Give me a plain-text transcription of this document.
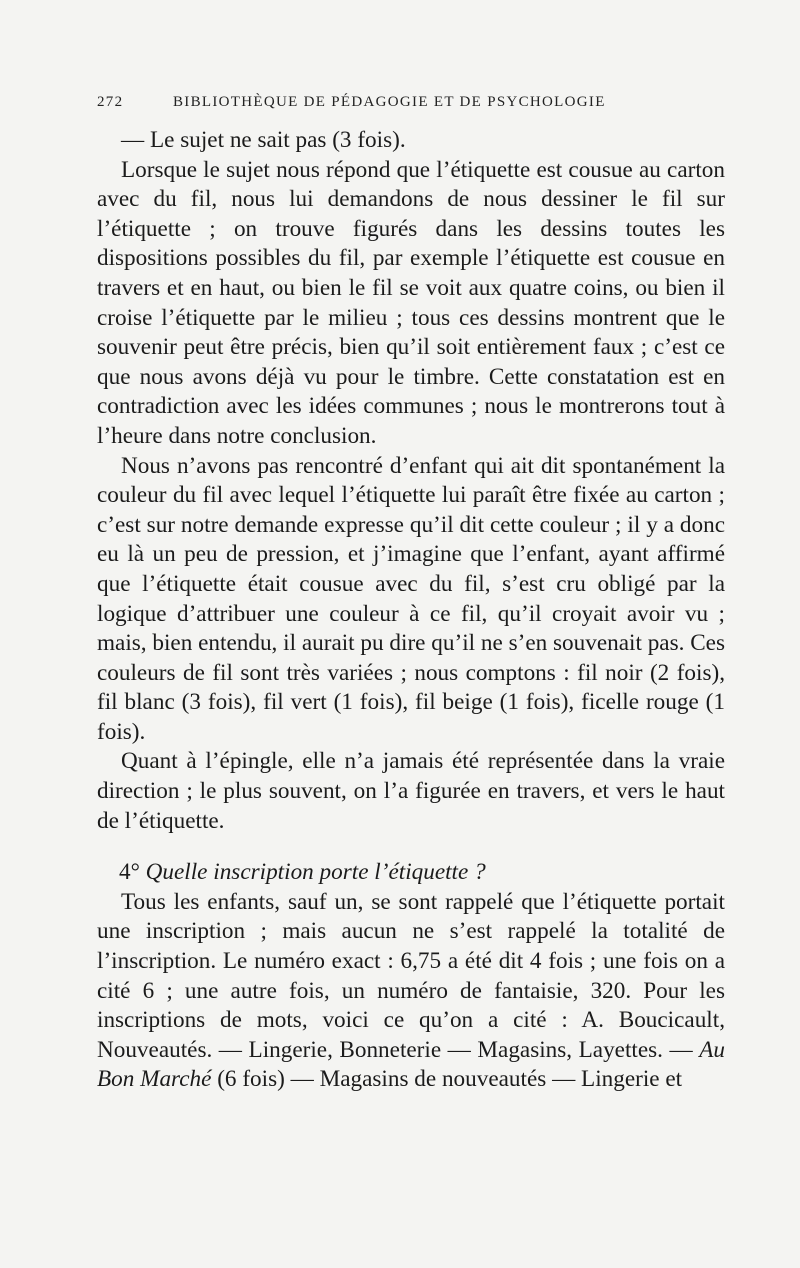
272	BIBLIOTHÈQUE DE PÉDAGOGIE ET DE PSYCHOLOGIE

— Le sujet ne sait pas (3 fois).

Lorsque le sujet nous répond que l’étiquette est cousue au carton avec du fil, nous lui demandons de nous dessiner le fil sur l’étiquette ; on trouve figurés dans les dessins toutes les dispositions possibles du fil, par exemple l’étiquette est cousue en travers et en haut, ou bien le fil se voit aux quatre coins, ou bien il croise l’étiquette par le milieu ; tous ces dessins montrent que le souvenir peut être précis, bien qu’il soit entièrement faux ; c’est ce que nous avons déjà vu pour le timbre. Cette constatation est en contradiction avec les idées communes ; nous le montrerons tout à l’heure dans notre conclusion.

Nous n’avons pas rencontré d’enfant qui ait dit spontanément la couleur du fil avec lequel l’étiquette lui paraît être fixée au carton ; c’est sur notre demande expresse qu’il dit cette couleur ; il y a donc eu là un peu de pression, et j’imagine que l’enfant, ayant affirmé que l’étiquette était cousue avec du fil, s’est cru obligé par la logique d’attribuer une couleur à ce fil, qu’il croyait avoir vu ; mais, bien entendu, il aurait pu dire qu’il ne s’en souvenait pas. Ces couleurs de fil sont très variées ; nous comptons : fil noir (2 fois), fil blanc (3 fois), fil vert (1 fois), fil beige (1 fois), ficelle rouge (1 fois).

Quant à l’épingle, elle n’a jamais été représentée dans la vraie direction ; le plus souvent, on l’a figurée en travers, et vers le haut de l’étiquette.

4° Quelle inscription porte l’étiquette ?

Tous les enfants, sauf un, se sont rappelé que l’étiquette portait une inscription ; mais aucun ne s’est rappelé la totalité de l’inscription. Le numéro exact : 6,75 a été dit 4 fois ; une fois on a cité 6 ; une autre fois, un numéro de fantaisie, 320. Pour les inscriptions de mots, voici ce qu’on a cité : A. Boucicault, Nouveautés. — Lingerie, Bonneterie — Magasins, Layettes. — Au Bon Marché (6 fois) — Magasins de nouveautés — Lingerie et
